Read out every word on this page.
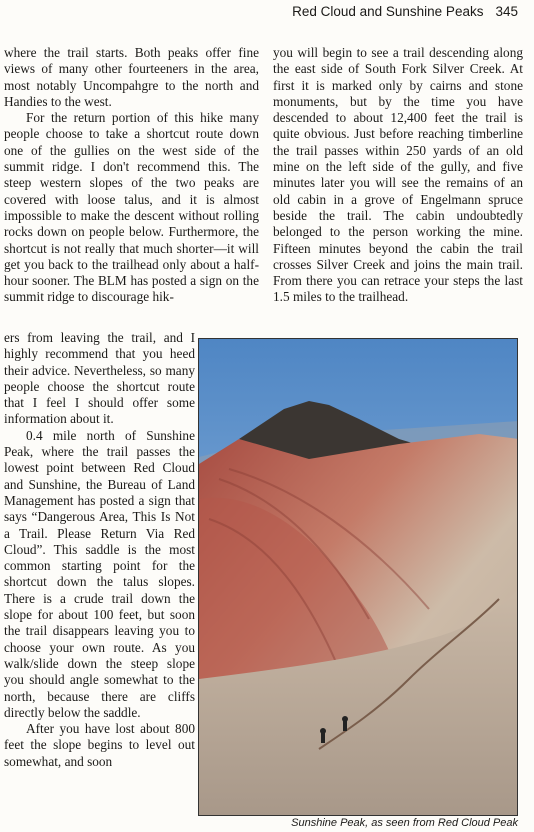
Red Cloud and Sunshine Peaks 345

where the trail starts. Both peaks offer fine views of many other fourteeners in the area, most notably Uncompahgre to the north and Handies to the west.

For the return portion of this hike many people choose to take a shortcut route down one of the gullies on the west side of the summit ridge. I don't recommend this. The steep western slopes of the two peaks are covered with loose talus, and it is almost impossible to make the descent without rolling rocks down on people below. Furthermore, the shortcut is not really that much shorter—it will get you back to the trailhead only about a half-hour sooner. The BLM has posted a sign on the summit ridge to discourage hik-

ers from leaving the trail, and I highly recommend that you heed their advice. Nevertheless, so many people choose the shortcut route that I feel I should offer some information about it.

0.4 mile north of Sunshine Peak, where the trail passes the lowest point between Red Cloud and Sunshine, the Bureau of Land Management has posted a sign that says “Dangerous Area, This Is Not a Trail. Please Return Via Red Cloud”. This saddle is the most common starting point for the shortcut down the talus slopes. There is a crude trail down the slope for about 100 feet, but soon the trail disappears leaving you to choose your own route. As you walk/slide down the steep slope you should angle somewhat to the north, because there are cliffs directly below the saddle.

After you have lost about 800 feet the slope begins to level out somewhat, and soon

you will begin to see a trail descending along the east side of South Fork Silver Creek. At first it is marked only by cairns and stone monuments, but by the time you have descended to about 12,400 feet the trail is quite obvious. Just before reaching timberline the trail passes within 250 yards of an old mine on the left side of the gully, and five minutes later you will see the remains of an old cabin in a grove of Engelmann spruce beside the trail. The cabin undoubtedly belonged to the person working the mine. Fifteen minutes beyond the cabin the trail crosses Silver Creek and joins the main trail. From there you can retrace your steps the last 1.5 miles to the trailhead.

Sunshine Peak, as seen from Red Cloud Peak
